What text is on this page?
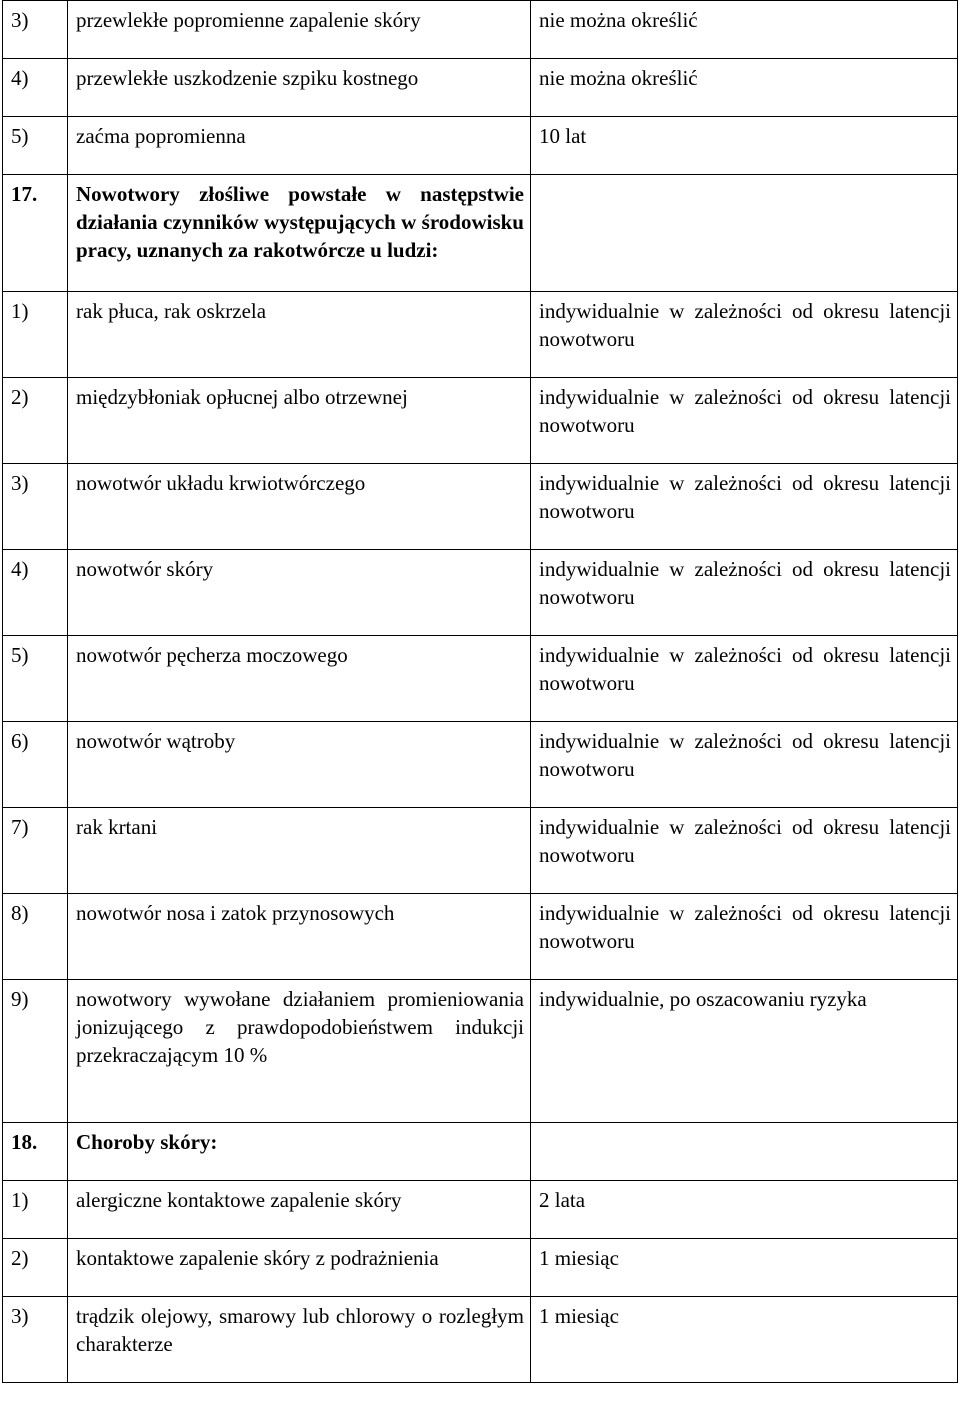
3)	przewlekłe popromienne zapalenie skóry	nie można określić
4)	przewlekłe uszkodzenie szpiku kostnego	nie można określić
5)	zaćma popromienna	10 lat
17.	Nowotwory złośliwe powstałe w następstwie działania czynników występujących w środowisku pracy, uznanych za rakotwórcze u ludzi:	
1)	rak płuca, rak oskrzela	indywidualnie w zależności od okresu latencji nowotworu
2)	międzybłoniak opłucnej albo otrzewnej	indywidualnie w zależności od okresu latencji nowotworu
3)	nowotwór układu krwiotwórczego	indywidualnie w zależności od okresu latencji nowotworu
4)	nowotwór skóry	indywidualnie w zależności od okresu latencji nowotworu
5)	nowotwór pęcherza moczowego	indywidualnie w zależności od okresu latencji nowotworu
6)	nowotwór wątroby	indywidualnie w zależności od okresu latencji nowotworu
7)	rak krtani	indywidualnie w zależności od okresu latencji nowotworu
8)	nowotwór nosa i zatok przynosowych	indywidualnie w zależności od okresu latencji nowotworu
9)	nowotwory wywołane działaniem promieniowania jonizującego z prawdopodobieństwem indukcji przekraczającym 10 %	indywidualnie, po oszacowaniu ryzyka
18.	Choroby skóry:	
1)	alergiczne kontaktowe zapalenie skóry	2 lata
2)	kontaktowe zapalenie skóry z podrażnienia	1 miesiąc
3)	trądzik olejowy, smarowy lub chlorowy o rozległym charakterze	1 miesiąc
